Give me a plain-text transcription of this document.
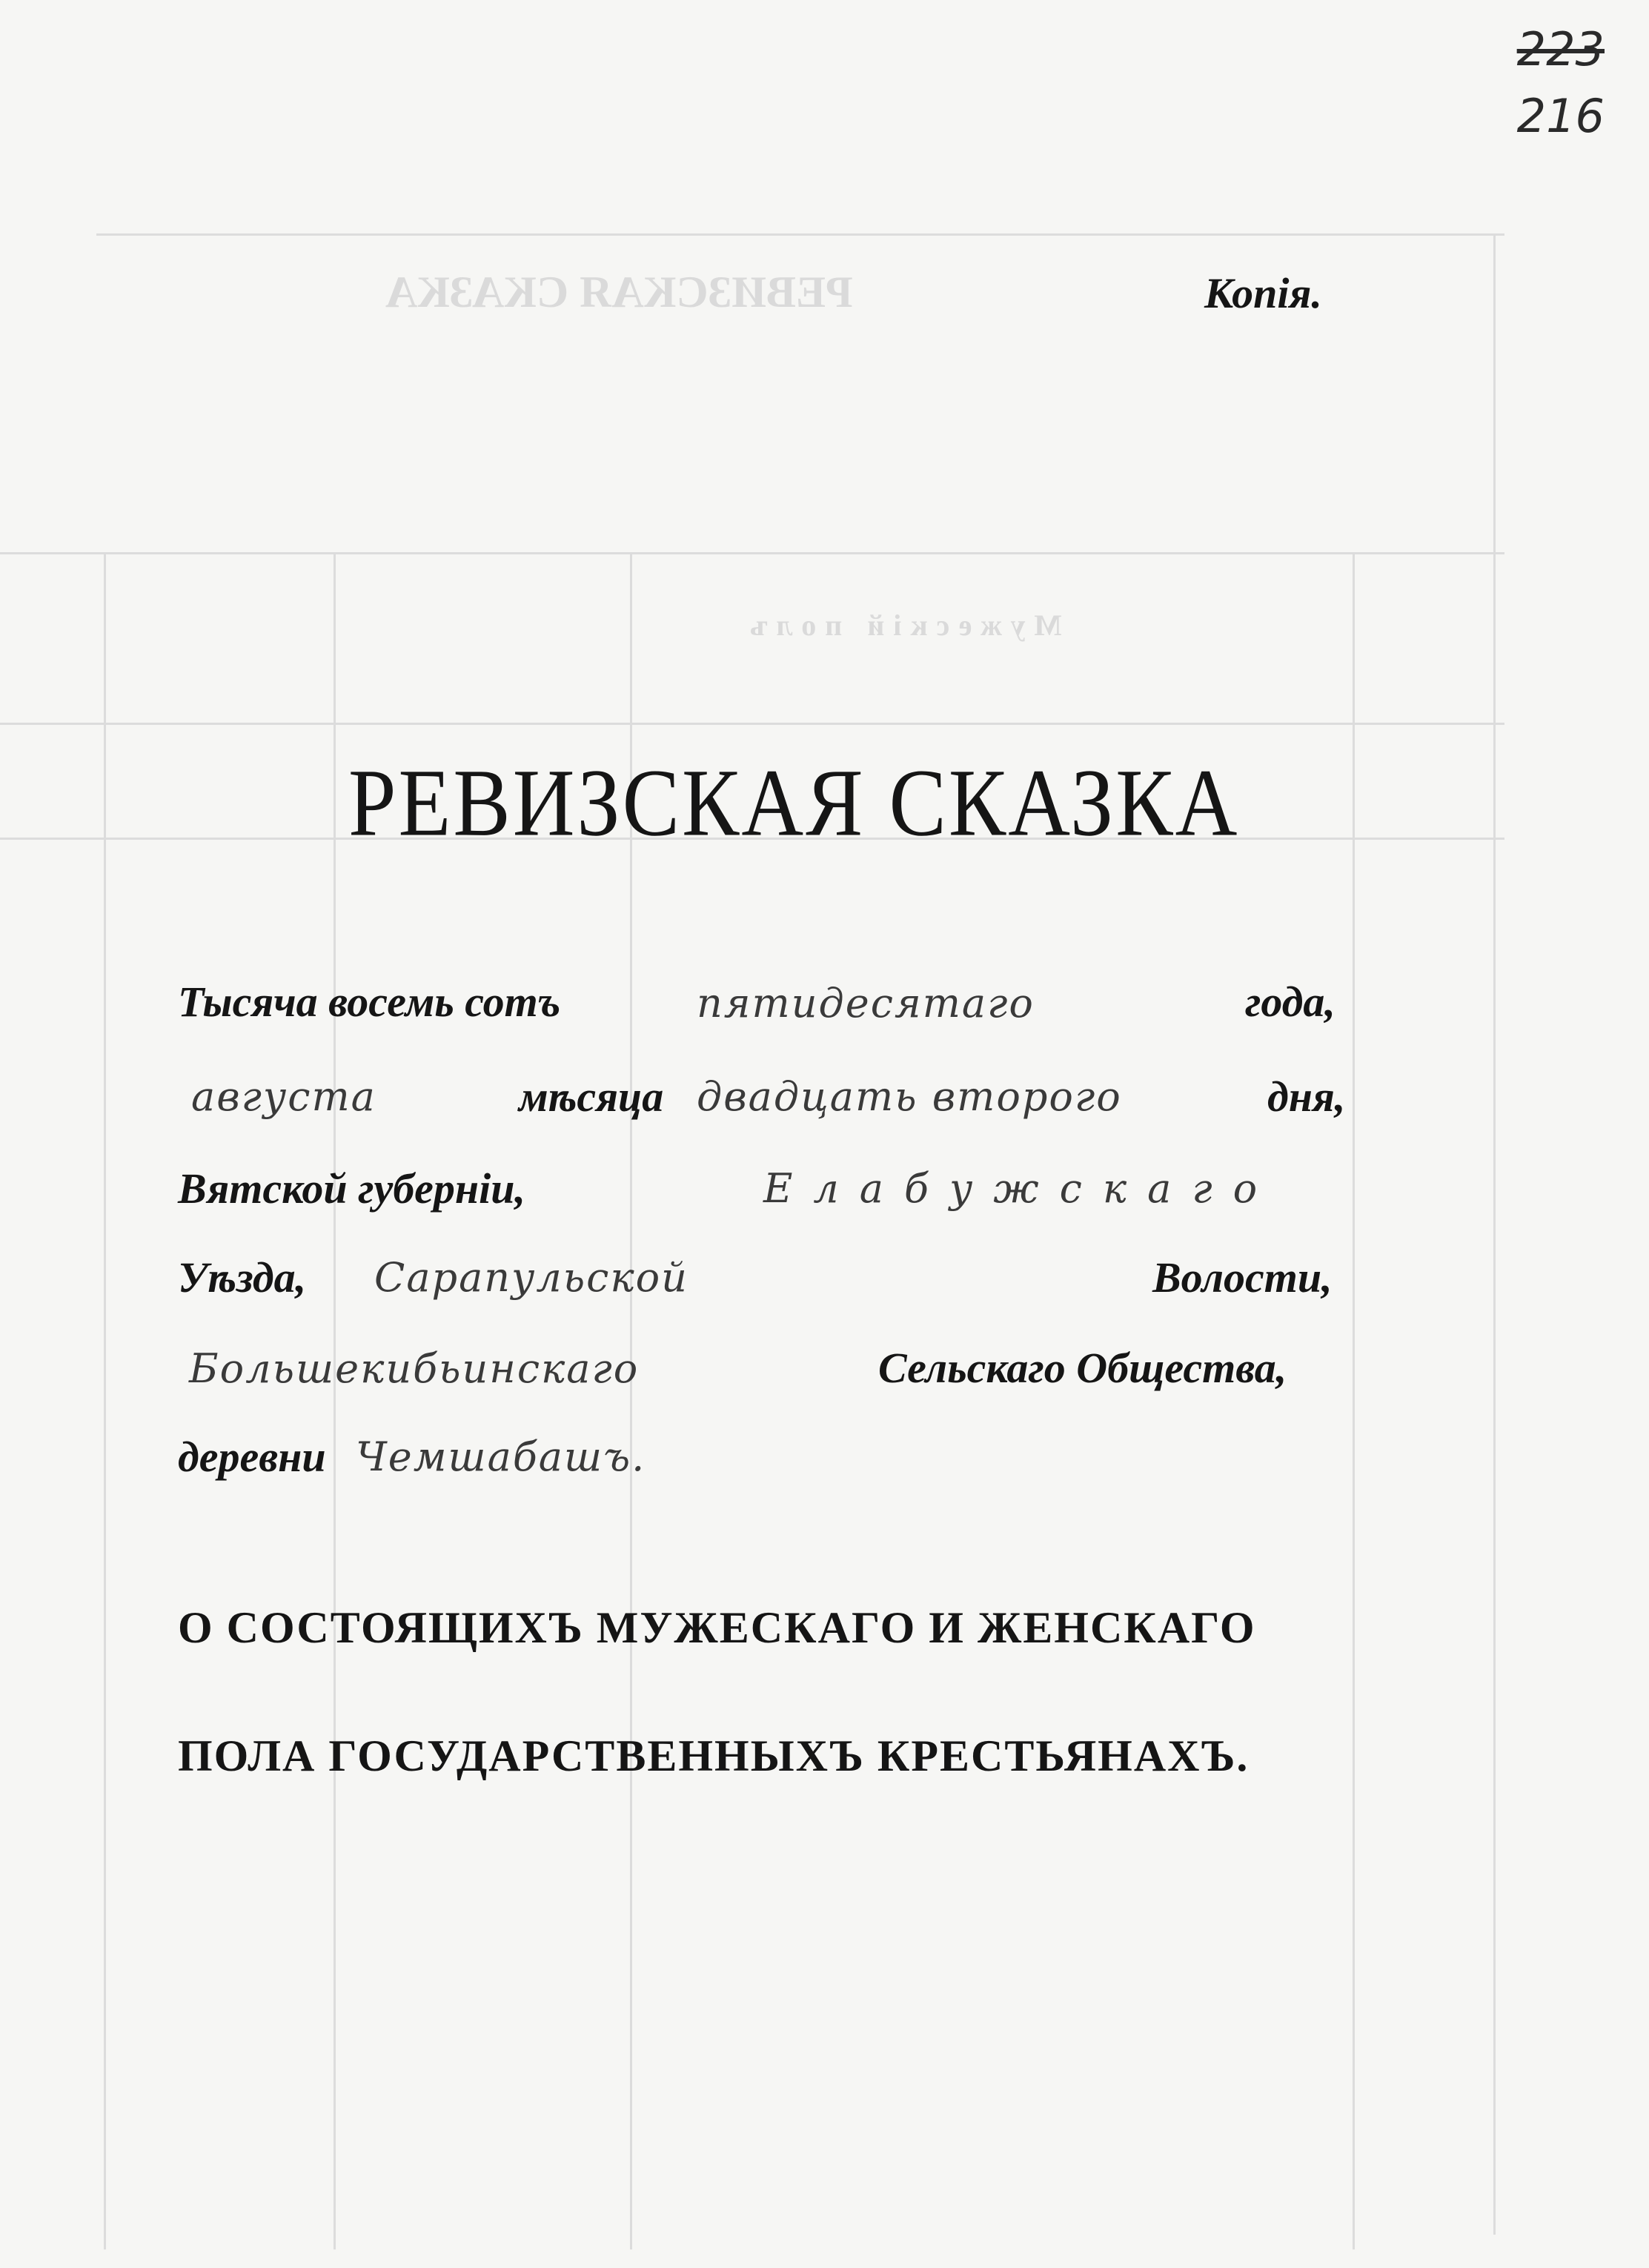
РЕВИЗСКАЯ СКАЗКА
Мужескій полъ
223
216
Копія.
РЕВИЗСКАЯ СКАЗКА
Тысяча восемь сотъ	пятидесятаго	года,
августа	мѣсяца двадцать второго	дня,
Вятской губерніи,	Елабужскаго
Уѣзда, Сарапульской	Волости,
Большекибьинскаго	Сельскаго Общества,
деревни Чемшабашъ.
О СОСТОЯЩИХЪ МУЖЕСКАГО И ЖЕНСКАГО
ПОЛА ГОСУДАРСТВЕННЫХЪ КРЕСТЬЯНАХЪ.
